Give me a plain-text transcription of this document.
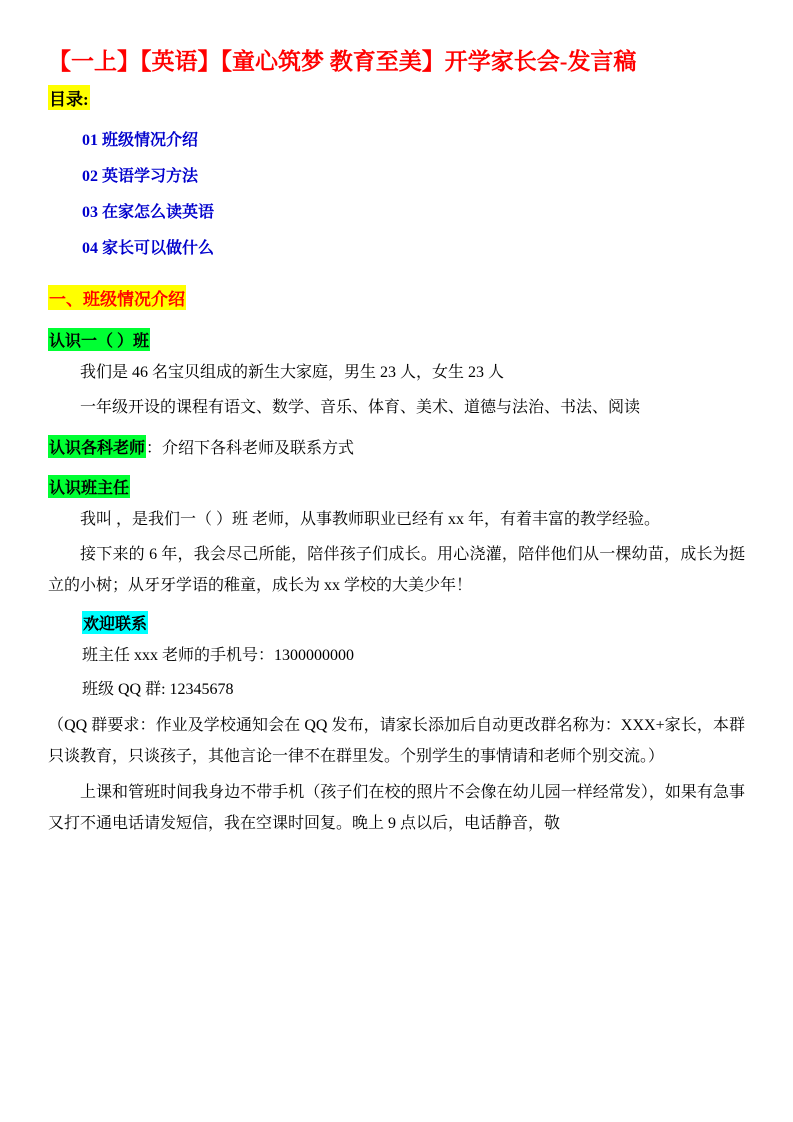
【一上】【英语】【童心筑梦 教育至美】开学家长会-发言稿
目录:
01 班级情况介绍
02 英语学习方法
03 在家怎么读英语
04 家长可以做什么
一、班级情况介绍
认识一（ ）班

我们是 46 名宝贝组成的新生大家庭，男生 23 人，女生 23 人

一年级开设的课程有语文、数学、音乐、体育、美术、道德与法治、书法、阅读

认识各科老师：介绍下各科老师及联系方式
认识班主任

我叫 ，是我们一（ ）班 老师，从事教师职业已经有 xx 年，有着丰富的教学经验。

接下来的 6 年，我会尽己所能，陪伴孩子们成长。用心浇灌，陪伴他们从一棵幼苗，成长为挺立的小树；从牙牙学语的稚童，成长为 xx 学校的大美少年！

欢迎联系
班主任 xxx 老师的手机号：1300000000
班级 QQ 群: 12345678

（QQ 群要求：作业及学校通知会在 QQ 发布，请家长添加后自动更改群名称为：XXX+家长，本群只谈教育，只谈孩子，其他言论一律不在群里发。个别学生的事情请和老师个别交流。）

上课和管班时间我身边不带手机（孩子们在校的照片不会像在幼儿园一样经常发），如果有急事又打不通电话请发短信，我在空课时回复。晚上 9 点以后，电话静音，敬
